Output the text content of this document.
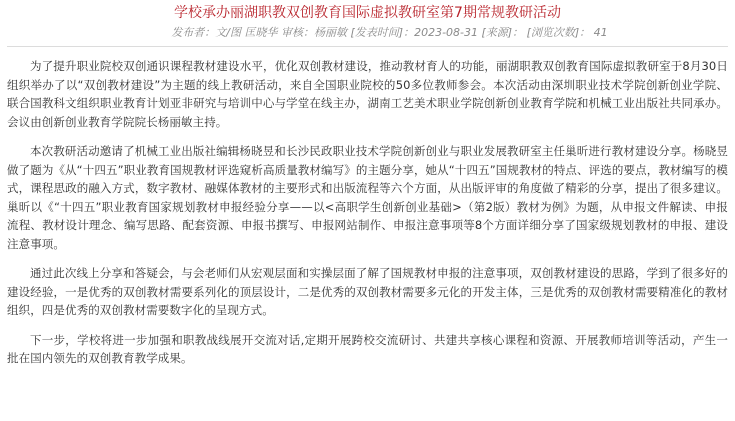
学校承办丽湖职教双创教育国际虚拟教研室第7期常规教研活动
发布者：文/图 匡晓华 审核：杨丽敏 [发表时间]：2023-08-31 [来源]： [浏览次数]： 41

为了提升职业院校双创通识课程教材建设水平，优化双创教材建设，推动教材育人的功能，丽湖职教双创教育国际虚拟教研室于8月30日组织举办了以“双创教材建设”为主题的线上教研活动，来自全国职业院校的50多位教师参会。本次活动由深圳职业技术学院创新创业学院、联合国教科文组织职业教育计划亚非研究与培训中心与学堂在线主办，湖南工艺美术职业学院创新创业教育学院和机械工业出版社共同承办。会议由创新创业教育学院院长杨丽敏主持。

本次教研活动邀请了机械工业出版社编辑杨晓昱和长沙民政职业技术学院创新创业与职业发展教研室主任巢昕进行教材建设分享。杨晓昱做了题为《从“十四五”职业教育国规教材评选窥析高质量教材编写》的主题分享，她从“十四五”国规教材的特点、评选的要点，教材编写的模式，课程思政的融入方式，数字教材、融媒体教材的主要形式和出版流程等六个方面，从出版评审的角度做了精彩的分享，提出了很多建议。巢昕以《“十四五”职业教育国家规划教材申报经验分享——以<高职学生创新创业基础>（第2版）教材为例》为题，从申报文件解读、申报流程、教材设计理念、编写思路、配套资源、申报书撰写、申报网站制作、申报注意事项等8个方面详细分享了国家级规划教材的申报、建设注意事项。

通过此次线上分享和答疑会，与会老师们从宏观层面和实操层面了解了国规教材申报的注意事项，双创教材建设的思路，学到了很多好的建设经验，一是优秀的双创教材需要系列化的顶层设计，二是优秀的双创教材需要多元化的开发主体，三是优秀的双创教材需要精准化的教材组织，四是优秀的双创教材需要数字化的呈现方式。

下一步，学校将进一步加强和职教战线展开交流对话,定期开展跨校交流研讨、共建共享核心课程和资源、开展教师培训等活动，产生一批在国内领先的双创教育教学成果。
